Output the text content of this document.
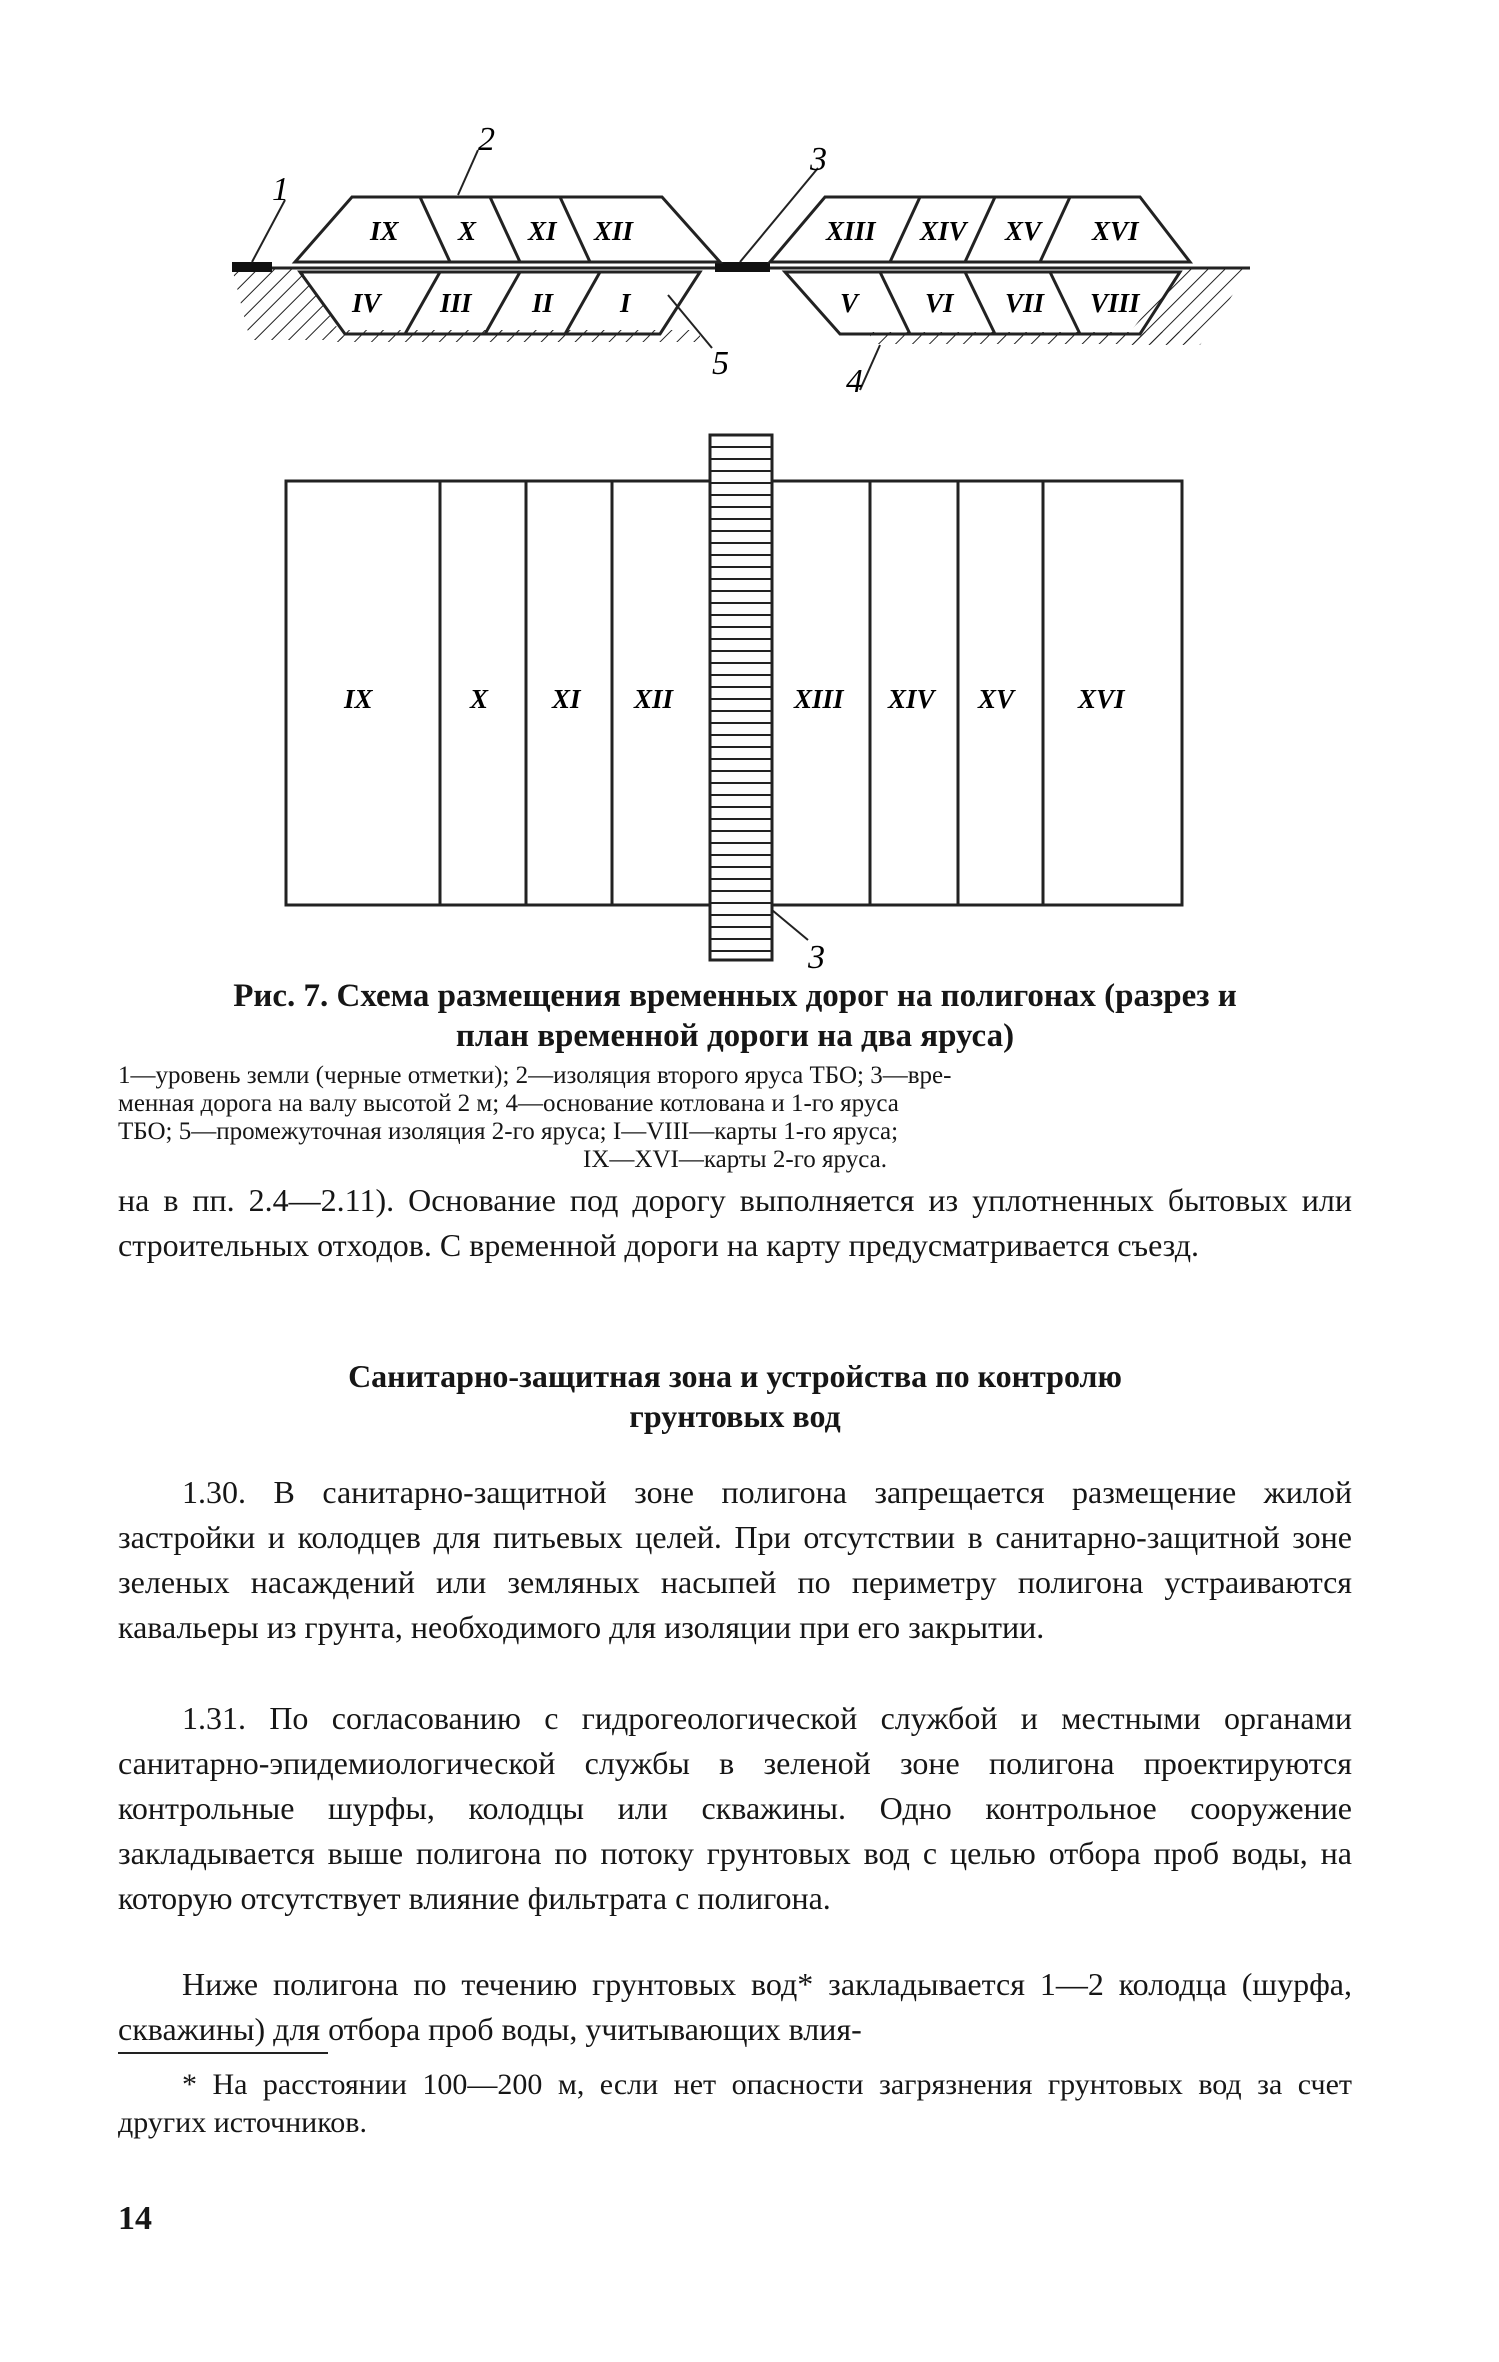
IX X XI XII	XIII XIV XV XVI
IV III II I	V VI VII VIII
1
2
3
4
5
IX	X XI XII	XIII XIV XV XVI
3
Рис. 7. Схема размещения временных дорог на полигонах (разрез и
план временной дороги на два яруса)
1—уровень земли (черные отметки); 2—изоляция второго яруса ТБО; 3—вре-
менная дорога на валу высотой 2 м; 4—основание котлована и 1-го яруса
ТБО; 5—промежуточная изоляция 2-го яруса; I—VIII—карты 1-го яруса;
IX—XVI—карты 2-го яруса.

на в пп. 2.4—2.11). Основание под дорогу выполняется из уплотненных бытовых или строительных отходов. С временной дороги на карту предусматривается съезд.

Санитарно-защитная зона и устройства по контролю
грунтовых вод

1.30. В санитарно-защитной зоне полигона запрещается размещение жилой застройки и колодцев для питьевых целей. При отсутствии в санитарно-защитной зоне зеленых насаждений или земляных насыпей по периметру полигона устраиваются кавальеры из грунта, необходимого для изоляции при его закрытии.

1.31. По согласованию с гидрогеологической службой и местными органами санитарно-эпидемиологической службы в зеленой зоне полигона проектируются контрольные шурфы, колодцы или скважины. Одно контрольное сооружение закладывается выше полигона по потоку грунтовых вод с целью отбора проб воды, на которую отсутствует влияние фильтрата с полигона.

Ниже полигона по течению грунтовых вод* закладывается 1—2 колодца (шурфа, скважины) для отбора проб воды, учитывающих влия-

* На расстоянии 100—200 м, если нет опасности загрязнения грунтовых вод за счет других источников.
14
